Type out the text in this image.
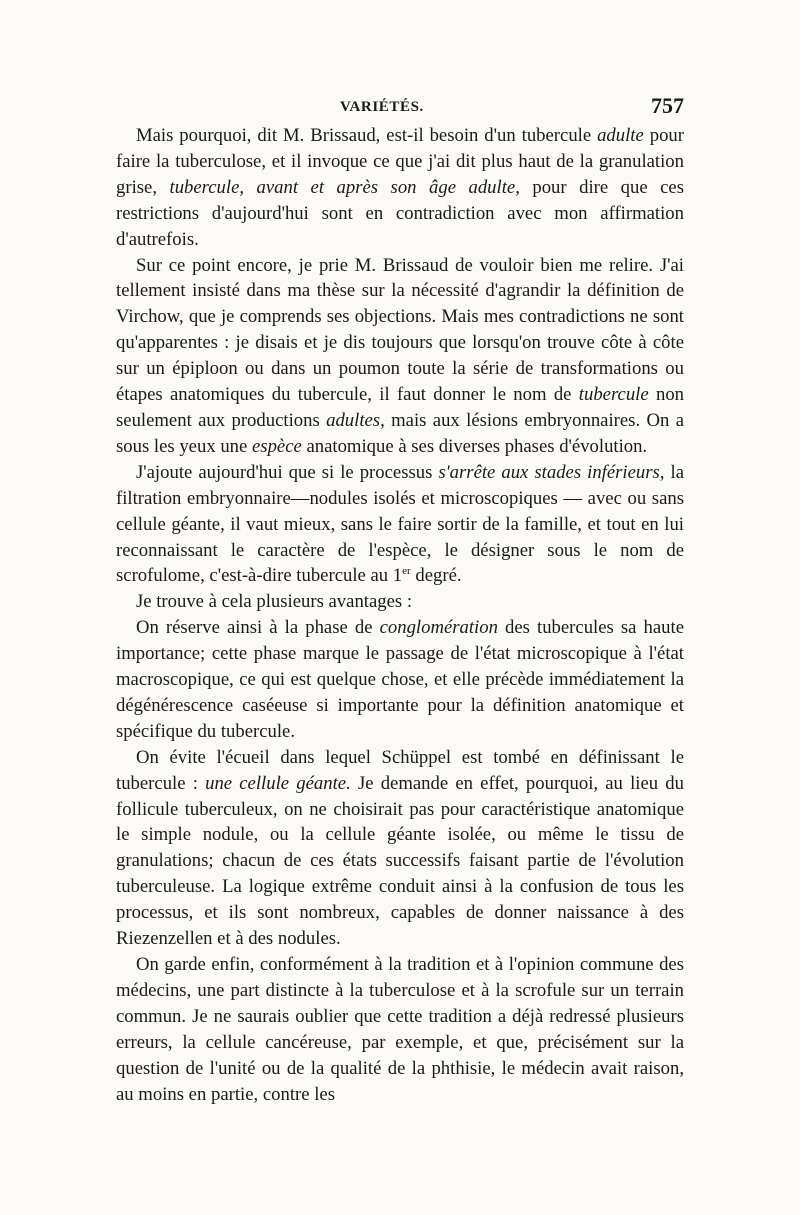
VARIÉTÉS.	757

Mais pourquoi, dit M. Brissaud, est-il besoin d'un tubercule adulte pour faire la tuberculose, et il invoque ce que j'ai dit plus haut de la granulation grise, tubercule, avant et après son âge adulte, pour dire que ces restrictions d'aujourd'hui sont en contradiction avec mon affirmation d'autrefois.

Sur ce point encore, je prie M. Brissaud de vouloir bien me relire. J'ai tellement insisté dans ma thèse sur la nécessité d'agrandir la définition de Virchow, que je comprends ses objections. Mais mes contradictions ne sont qu'apparentes : je disais et je dis toujours que lorsqu'on trouve côte à côte sur un épiploon ou dans un poumon toute la série de transformations ou étapes anatomiques du tubercule, il faut donner le nom de tubercule non seulement aux productions adultes, mais aux lésions embryonnaires. On a sous les yeux une espèce anatomique à ses diverses phases d'évolution.

J'ajoute aujourd'hui que si le processus s'arrête aux stades inférieurs, la filtration embryonnaire—nodules isolés et microscopiques — avec ou sans cellule géante, il vaut mieux, sans le faire sortir de la famille, et tout en lui reconnaissant le caractère de l'espèce, le désigner sous le nom de scrofulome, c'est-à-dire tubercule au 1er degré.

Je trouve à cela plusieurs avantages :

On réserve ainsi à la phase de conglomération des tubercules sa haute importance; cette phase marque le passage de l'état microscopique à l'état macroscopique, ce qui est quelque chose, et elle précède immédiatement la dégénérescence caséeuse si importante pour la définition anatomique et spécifique du tubercule.

On évite l'écueil dans lequel Schüppel est tombé en définissant le tubercule : une cellule géante. Je demande en effet, pourquoi, au lieu du follicule tuberculeux, on ne choisirait pas pour caractéristique anatomique le simple nodule, ou la cellule géante isolée, ou même le tissu de granulations; chacun de ces états successifs faisant partie de l'évolution tuberculeuse. La logique extrême conduit ainsi à la confusion de tous les processus, et ils sont nombreux, capables de donner naissance à des Riezenzellen et à des nodules.

On garde enfin, conformément à la tradition et à l'opinion commune des médecins, une part distincte à la tuberculose et à la scrofule sur un terrain commun. Je ne saurais oublier que cette tradition a déjà redressé plusieurs erreurs, la cellule cancéreuse, par exemple, et que, précisément sur la question de l'unité ou de la qualité de la phthisie, le médecin avait raison, au moins en partie, contre les
